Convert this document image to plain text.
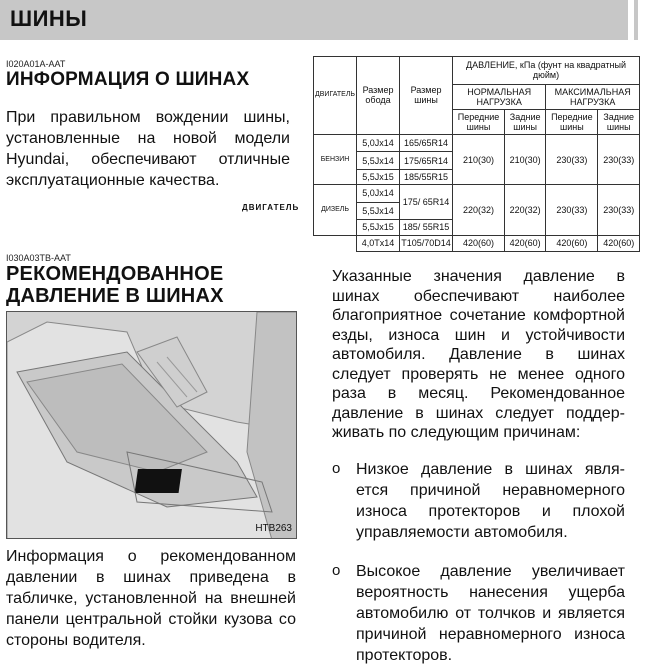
ШИНЫ
I020A01A-AAT
ИНФОРМАЦИЯ О ШИНАХ
При правильном вождении шины, установленные на новой модели Hyundai, обеспечивают отличные эксплуатационные качества.
ДВИГАТЕЛЬ
ДВИГАТЕЛЬ	Размер обода	Размер шины	ДАВЛЕНИЕ, кПа (фунт на квадратный дюйм)			
			НОРМАЛЬНАЯ НАГРУЗКА		МАКСИМАЛЬНАЯ НАГРУЗКА	
			Передние шины	Задние шины	Передние шины	Задние шины
БЕНЗИН	5,0Jx14	165/65R14	210(30)	210(30)	230(33)	230(33)
	5,5Jx14	175/65R14				
	5,5Jx15	185/55R15				
ДИЗЕЛЬ	5,0Jx14	175/ 65R14	220(32)	220(32)	230(33)	230(33)
	5,5Jx14					
	5,5Jx15	185/ 55R15				
	4,0Tx14	T105/70D14	420(60)	420(60)	420(60)	420(60)
I030A03TB-AAT
РЕКОМЕНДОВАННОЕ
ДАВЛЕНИЕ В ШИНАХ
HTB263
Информация о рекомендованном давлении в шинах приведена в табличке, установленной на внешней панели центральной стойки кузова со стороны водителя.
Указанные значения давление в шинах обеспечивают наиболее благоприятное сочетание комфортной езды, износа шин и устойчивости автомобиля. Давление в шинах следует проверять не менее одного раза в месяц. Рекомендованное давление в шинах следует поддер-живать по следующим причинам:
o Низкое давление в шинах явля-ется причиной неравномерного износа протекторов и плохой управляемости автомобиля.
o Высокое давление увеличивает вероятность нанесения ущерба автомобилю от толчков и является причиной неравномерного износа протекторов.
